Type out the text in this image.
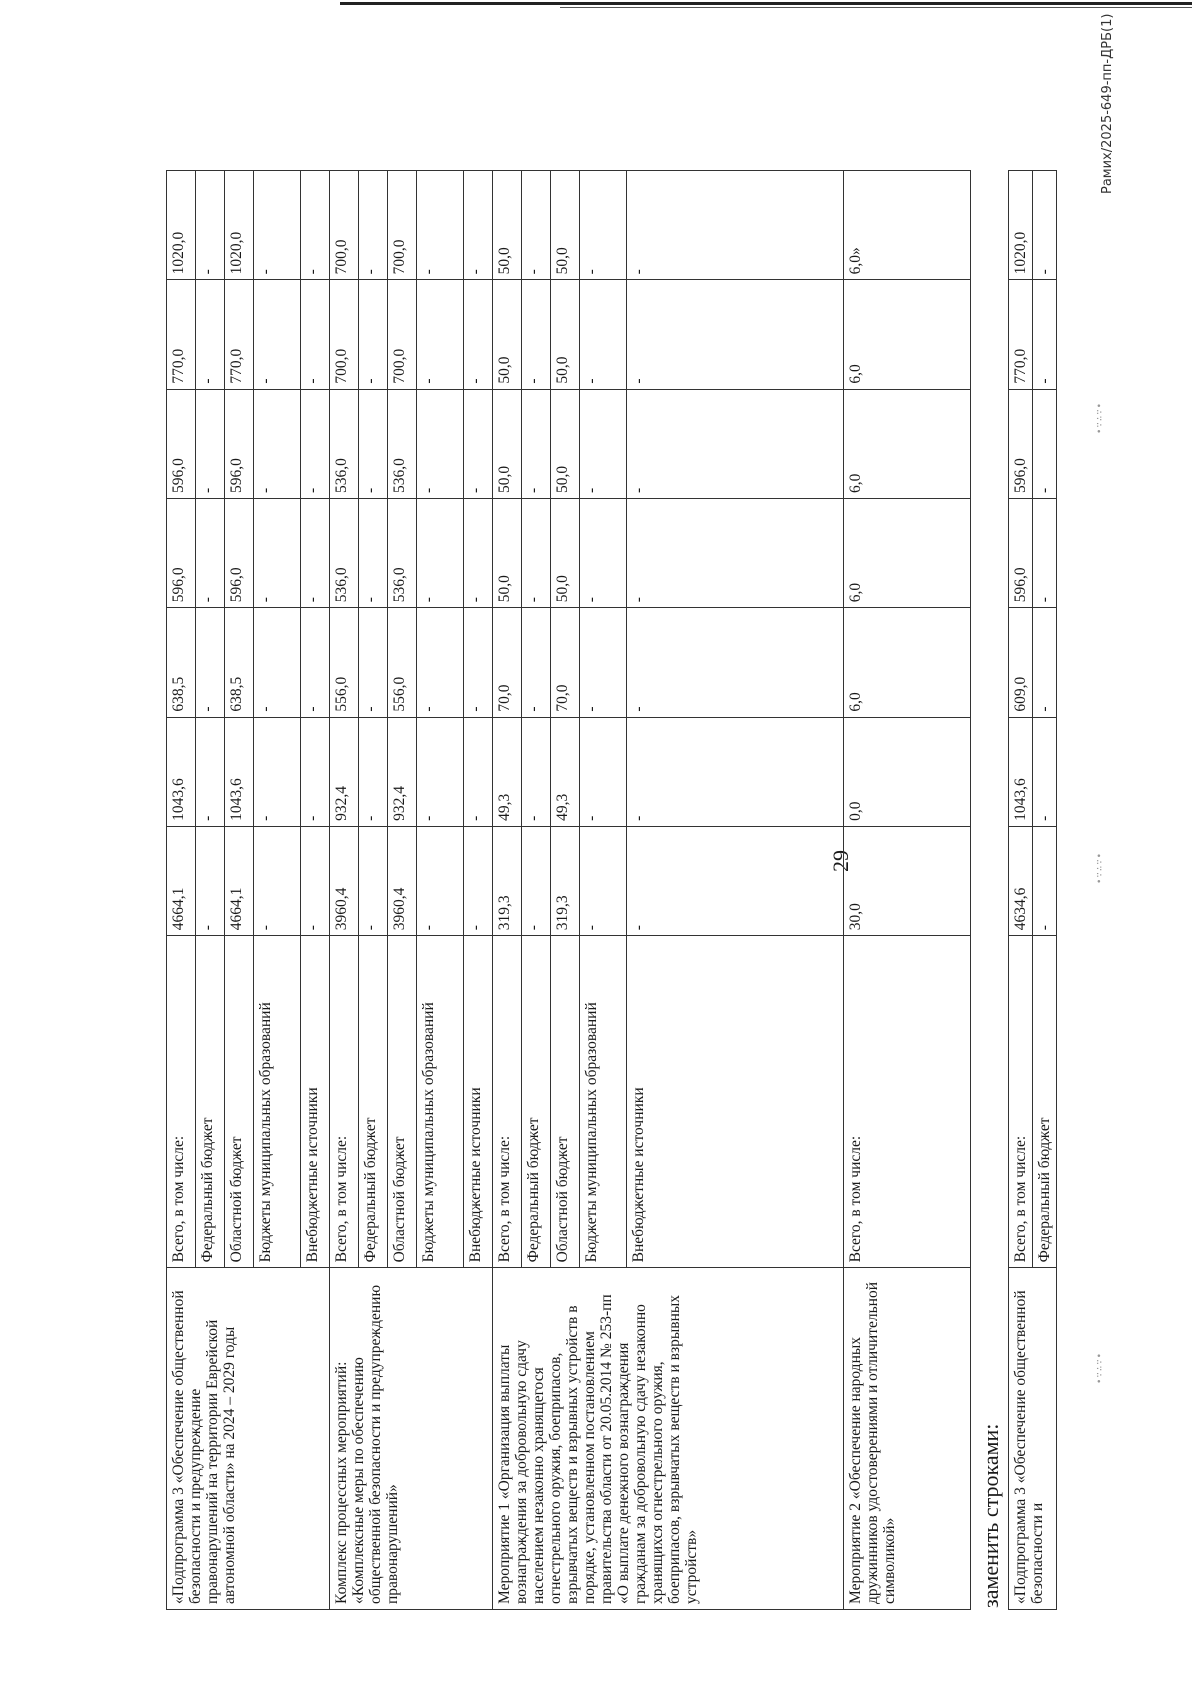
29
«Подпрограмма 3 «Обеспечение общественной безопасности и предупреждение правонарушений на территории Еврейской автономной области» на 2024 – 2029 годы	Всего, в том числе:	4664,1	1043,6	638,5	596,0	596,0	770,0	1020,0
	Федеральный бюджет	-	-	-	-	-	-	-
	Областной бюджет	4664,1	1043,6	638,5	596,0	596,0	770,0	1020,0
	Бюджеты муниципальных образований	-	-	-	-	-	-	-
	Внебюджетные источники	-	-	-	-	-	-	-
Комплекс процессных мероприятий: «Комплексные меры по обеспечению общественной безопасности и предупреждению правонарушений»	Всего, в том числе:	3960,4	932,4	556,0	536,0	536,0	700,0	700,0
	Федеральный бюджет	-	-	-	-	-	-	-
	Областной бюджет	3960,4	932,4	556,0	536,0	536,0	700,0	700,0
	Бюджеты муниципальных образований	-	-	-	-	-	-	-
	Внебюджетные источники	-	-	-	-	-	-	-
Мероприятие 1 «Организация выплаты вознаграждения за добровольную сдачу населением незаконно хранящегося огнестрельного оружия, боеприпасов, взрывчатых веществ и взрывных устройств в порядке, установленном постановлением правительства области от 20.05.2014 № 253-пп «О выплате денежного вознаграждения гражданам за добровольную сдачу незаконно хранящихся огнестрельного оружия, боеприпасов, взрывчатых веществ и взрывных устройств»	Всего, в том числе:	319,3	49,3	70,0	50,0	50,0	50,0	50,0
	Федеральный бюджет	-	-	-	-	-	-	-
	Областной бюджет	319,3	49,3	70,0	50,0	50,0	50,0	50,0
	Бюджеты муниципальных образований	-	-	-	-	-	-	-
	Внебюджетные источники	-	-	-	-	-	-	-
Мероприятие 2 «Обеспечение народных дружинников удостоверениями и отличительной символикой»	Всего, в том числе:	30,0	0,0	6,0	6,0	6,0	6,0	6,0»
заменить строками: «Подпрограмма 3 «Обеспечение общественной безопасности и	Всего, в том числе:	4634,6	1043,6	609,0	596,0	596,0	770,0	1020,0
	Федеральный бюджет	-	-	-	-	-	-	-
∙∵∴∵∙
∙∵∴∵∙
∙∵∴∵∙
Рамих/2025-649-пп-ДРБ(1)
